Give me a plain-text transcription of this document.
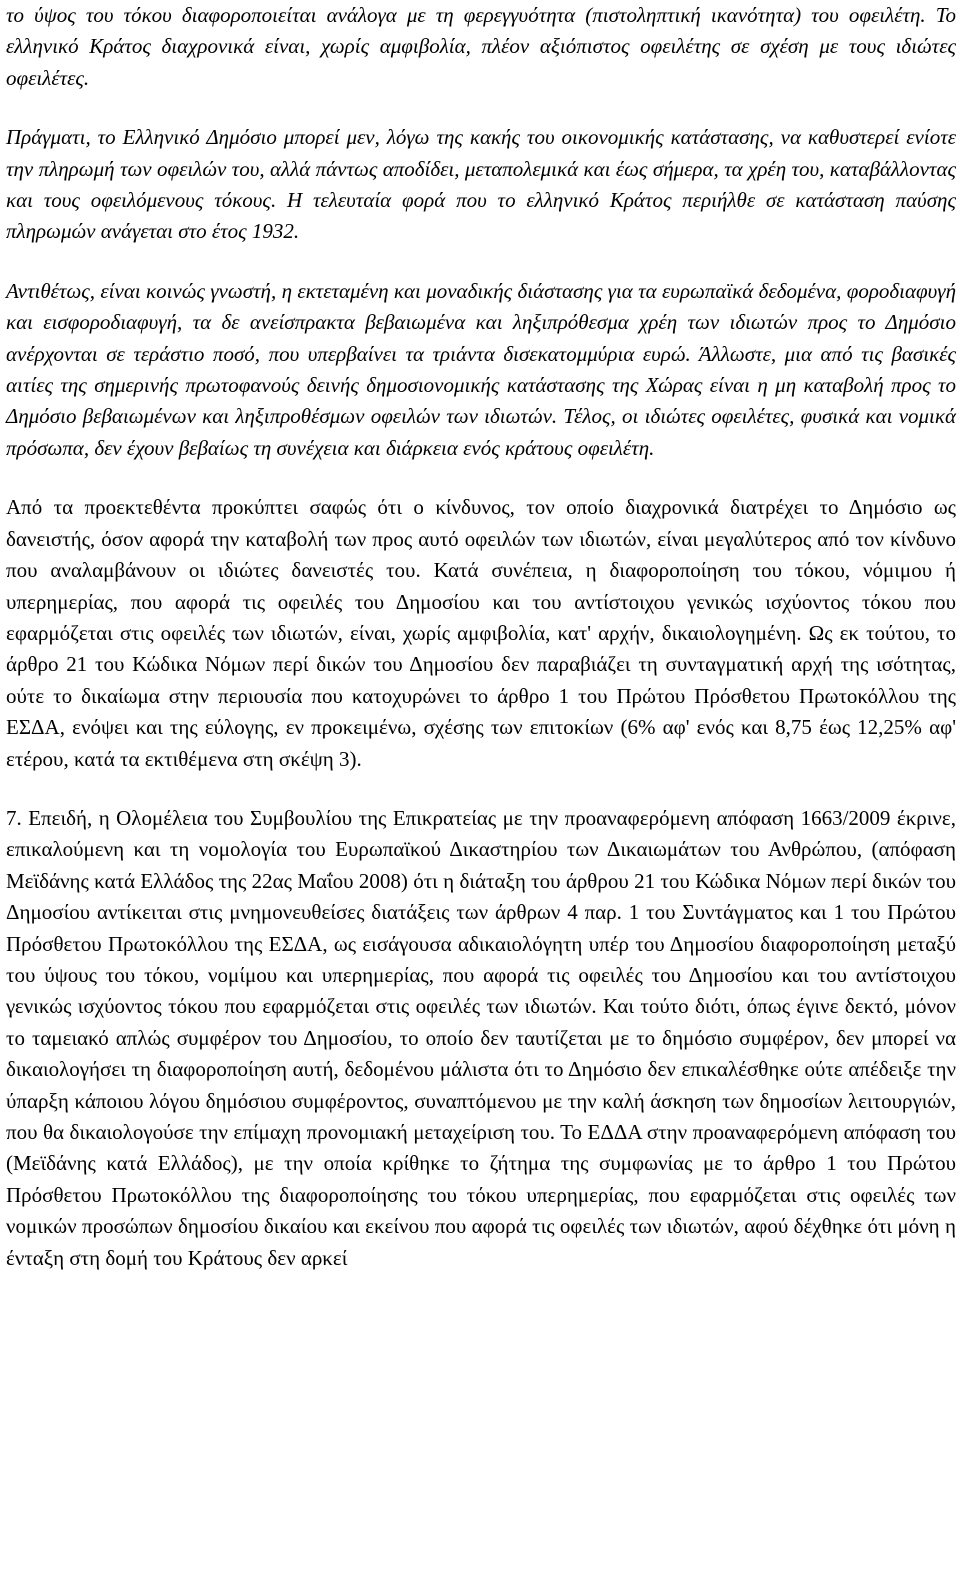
το ύψος του τόκου διαφοροποιείται ανάλογα με τη φερεγγυότητα (πιστοληπτική ικανότητα) του οφειλέτη. Το ελληνικό Κράτος διαχρονικά είναι, χωρίς αμφιβολία, πλέον αξιόπιστος οφειλέτης σε σχέση με τους ιδιώτες οφειλέτες.

Πράγματι, το Ελληνικό Δημόσιο μπορεί μεν, λόγω της κακής του οικονομικής κατάστασης, να καθυστερεί ενίοτε την πληρωμή των οφειλών του, αλλά πάντως αποδίδει, μεταπολεμικά και έως σήμερα, τα χρέη του, καταβάλλοντας και τους οφειλόμενους τόκους. Η τελευταία φορά που το ελληνικό Κράτος περιήλθε σε κατάσταση παύσης πληρωμών ανάγεται στο έτος 1932.

Αντιθέτως, είναι κοινώς γνωστή, η εκτεταμένη και μοναδικής διάστασης για τα ευρωπαϊκά δεδομένα, φοροδιαφυγή και εισφοροδιαφυγή, τα δε ανείσπρακτα βεβαιωμένα και ληξιπρόθεσμα χρέη των ιδιωτών προς το Δημόσιο ανέρχονται σε τεράστιο ποσό, που υπερβαίνει τα τριάντα δισεκατομμύρια ευρώ. Άλλωστε, μια από τις βασικές αιτίες της σημερινής πρωτοφανούς δεινής δημοσιονομικής κατάστασης της Χώρας είναι η μη καταβολή προς το Δημόσιο βεβαιωμένων και ληξιπροθέσμων οφειλών των ιδιωτών. Τέλος, οι ιδιώτες οφειλέτες, φυσικά και νομικά πρόσωπα, δεν έχουν βεβαίως τη συνέχεια και διάρκεια ενός κράτους οφειλέτη.

Από τα προεκτεθέντα προκύπτει σαφώς ότι ο κίνδυνος, τον οποίο διαχρονικά διατρέχει το Δημόσιο ως δανειστής, όσον αφορά την καταβολή των προς αυτό οφειλών των ιδιωτών, είναι μεγαλύτερος από τον κίνδυνο που αναλαμβάνουν οι ιδιώτες δανειστές του. Κατά συνέπεια, η διαφοροποίηση του τόκου, νόμιμου ή υπερημερίας, που αφορά τις οφειλές του Δημοσίου και του αντίστοιχου γενικώς ισχύοντος τόκου που εφαρμόζεται στις οφειλές των ιδιωτών, είναι, χωρίς αμφιβολία, κατ' αρχήν, δικαιολογημένη. Ως εκ τούτου, το άρθρο 21 του Κώδικα Νόμων περί δικών του Δημοσίου δεν παραβιάζει τη συνταγματική αρχή της ισότητας, ούτε το δικαίωμα στην περιουσία που κατοχυρώνει το άρθρο 1 του Πρώτου Πρόσθετου Πρωτοκόλλου της ΕΣΔΑ, ενόψει και της εύλογης, εν προκειμένω, σχέσης των επιτοκίων (6% αφ' ενός και 8,75 έως 12,25% αφ' ετέρου, κατά τα εκτιθέμενα στη σκέψη 3).

7. Επειδή, η Ολομέλεια του Συμβουλίου της Επικρατείας με την προαναφερόμενη απόφαση 1663/2009 έκρινε, επικαλούμενη και τη νομολογία του Ευρωπαϊκού Δικαστηρίου των Δικαιωμάτων του Ανθρώπου, (απόφαση Μεϊδάνης κατά Ελλάδος της 22ας Μαΐου 2008) ότι η διάταξη του άρθρου 21 του Κώδικα Νόμων περί δικών του Δημοσίου αντίκειται στις μνημονευθείσες διατάξεις των άρθρων 4 παρ. 1 του Συντάγματος και 1 του Πρώτου Πρόσθετου Πρωτοκόλλου της ΕΣΔΑ, ως εισάγουσα αδικαιολόγητη υπέρ του Δημοσίου διαφοροποίηση μεταξύ του ύψους του τόκου, νομίμου και υπερημερίας, που αφορά τις οφειλές του Δημοσίου και του αντίστοιχου γενικώς ισχύοντος τόκου που εφαρμόζεται στις οφειλές των ιδιωτών. Και τούτο διότι, όπως έγινε δεκτό, μόνον το ταμειακό απλώς συμφέρον του Δημοσίου, το οποίο δεν ταυτίζεται με το δημόσιο συμφέρον, δεν μπορεί να δικαιολογήσει τη διαφοροποίηση αυτή, δεδομένου μάλιστα ότι το Δημόσιο δεν επικαλέσθηκε ούτε απέδειξε την ύπαρξη κάποιου λόγου δημόσιου συμφέροντος, συναπτόμενου με την καλή άσκηση των δημοσίων λειτουργιών, που θα δικαιολογούσε την επίμαχη προνομιακή μεταχείριση του. Το ΕΔΔΑ στην προαναφερόμενη απόφαση του (Μεϊδάνης κατά Ελλάδος), με την οποία κρίθηκε το ζήτημα της συμφωνίας με το άρθρο 1 του Πρώτου Πρόσθετου Πρωτοκόλλου της διαφοροποίησης του τόκου υπερημερίας, που εφαρμόζεται στις οφειλές των νομικών προσώπων δημοσίου δικαίου και εκείνου που αφορά τις οφειλές των ιδιωτών, αφού δέχθηκε ότι μόνη η ένταξη στη δομή του Κράτους δεν αρκεί
